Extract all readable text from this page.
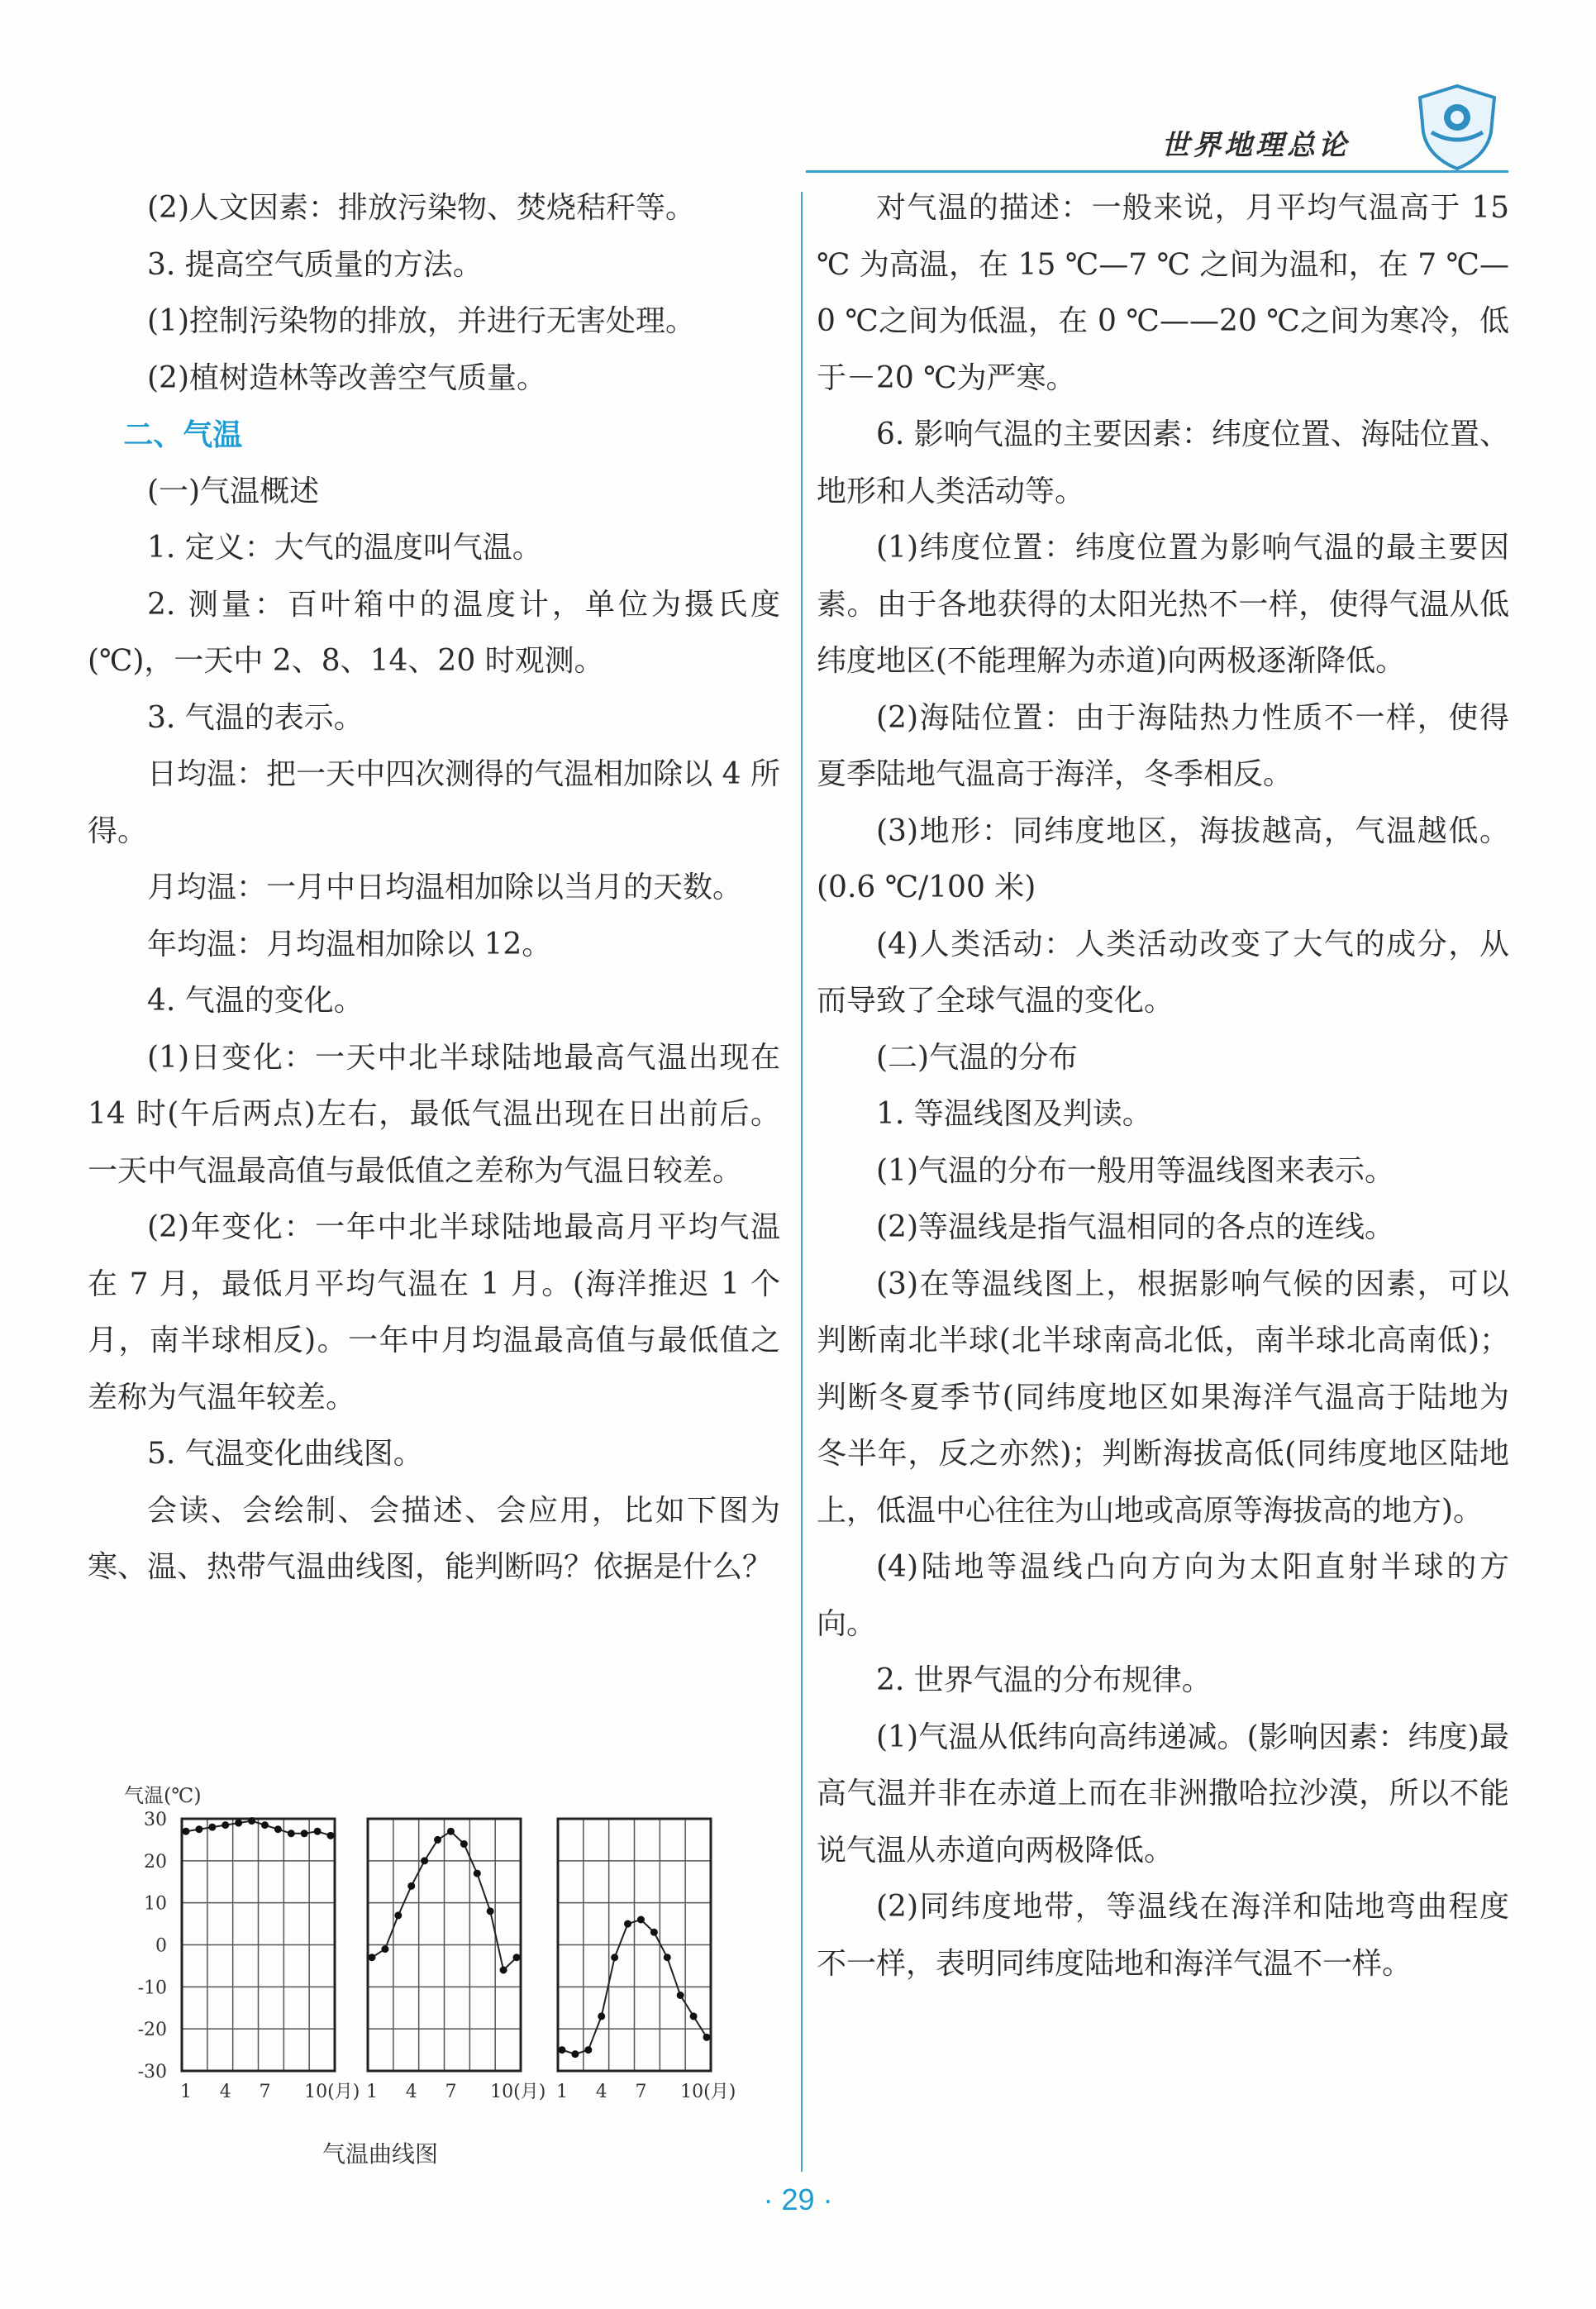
世界地理总论

(2)人文因素：排放污染物、焚烧秸秆等。

3. 提高空气质量的方法。

(1)控制污染物的排放，并进行无害处理。

(2)植树造林等改善空气质量。

二、气温

(一)气温概述

1. 定义：大气的温度叫气温。

2. 测量：百叶箱中的温度计，单位为摄氏度(℃)，一天中 2、8、14、20 时观测。

3. 气温的表示。

日均温：把一天中四次测得的气温相加除以 4 所得。

月均温：一月中日均温相加除以当月的天数。

年均温：月均温相加除以 12。

4. 气温的变化。

(1)日变化：一天中北半球陆地最高气温出现在 14 时(午后两点)左右，最低气温出现在日出前后。一天中气温最高值与最低值之差称为气温日较差。

(2)年变化：一年中北半球陆地最高月平均气温在 7 月，最低月平均气温在 1 月。(海洋推迟 1 个月，南半球相反)。一年中月均温最高值与最低值之差称为气温年较差。

5. 气温变化曲线图。

会读、会绘制、会描述、会应用，比如下图为寒、温、热带气温曲线图，能判断吗？依据是什么？

对气温的描述：一般来说，月平均气温高于 15 ℃ 为高温，在 15 ℃—7 ℃ 之间为温和，在 7 ℃—0 ℃之间为低温，在 0 ℃——20 ℃之间为寒冷，低于－20 ℃为严寒。

6. 影响气温的主要因素：纬度位置、海陆位置、地形和人类活动等。

(1)纬度位置：纬度位置为影响气温的最主要因素。由于各地获得的太阳光热不一样，使得气温从低纬度地区(不能理解为赤道)向两极逐渐降低。

(2)海陆位置：由于海陆热力性质不一样，使得夏季陆地气温高于海洋，冬季相反。

(3)地形：同纬度地区，海拔越高，气温越低。(0.6 ℃/100 米)

(4)人类活动：人类活动改变了大气的成分，从而导致了全球气温的变化。

(二)气温的分布

1. 等温线图及判读。

(1)气温的分布一般用等温线图来表示。

(2)等温线是指气温相同的各点的连线。

(3)在等温线图上，根据影响气候的因素，可以判断南北半球(北半球南高北低，南半球北高南低)；判断冬夏季节(同纬度地区如果海洋气温高于陆地为冬半年，反之亦然)；判断海拔高低(同纬度地区陆地上，低温中心往往为山地或高原等海拔高的地方)。

(4)陆地等温线凸向方向为太阳直射半球的方向。

2. 世界气温的分布规律。

(1)气温从低纬向高纬递减。(影响因素：纬度)最高气温并非在赤道上而在非洲撒哈拉沙漠，所以不能说气温从赤道向两极降低。

(2)同纬度地带，等温线在海洋和陆地弯曲程度不一样，表明同纬度陆地和海洋气温不一样。

气温(℃)
30
20
10
0
-10
-20
-30
1 4 7 10(月) 1 4 7 10(月) 1 4 7 10(月)
气温曲线图
· 29 ·
